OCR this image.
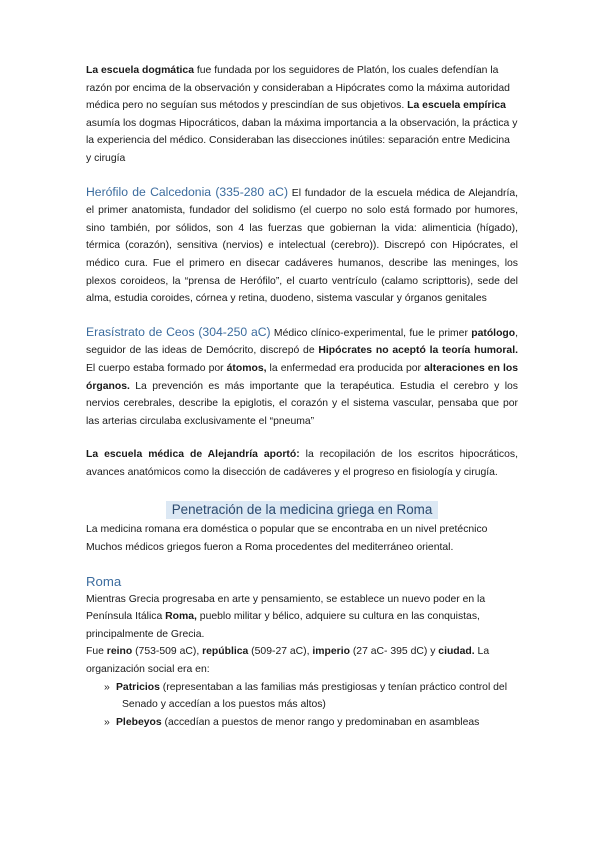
La escuela dogmática fue fundada por los seguidores de Platón, los cuales defendían la razón por encima de la observación y consideraban a Hipócrates como la máxima autoridad médica pero no seguían sus métodos y prescindían de sus objetivos. La escuela empírica asumía los dogmas Hipocráticos, daban la máxima importancia a la observación, la práctica y la experiencia del médico. Consideraban las disecciones inútiles: separación entre Medicina y cirugía

Herófilo de Calcedonia (335-280 aC) El fundador de la escuela médica de Alejandría, el primer anatomista, fundador del solidismo (el cuerpo no solo está formado por humores, sino también, por sólidos, son 4 las fuerzas que gobiernan la vida: alimenticia (hígado), térmica (corazón), sensitiva (nervios) e intelectual (cerebro)). Discrepó con Hipócrates, el médico cura. Fue el primero en disecar cadáveres humanos, describe las meninges, los plexos coroideos, la “prensa de Herófilo”, el cuarto ventrículo (calamo scripttoris), sede del alma, estudia coroides, córnea y retina, duodeno, sistema vascular y órganos genitales

Erasístrato de Ceos (304-250 aC) Médico clínico-experimental, fue le primer patólogo, seguidor de las ideas de Demócrito, discrepó de Hipócrates no aceptó la teoría humoral. El cuerpo estaba formado por átomos, la enfermedad era producida por alteraciones en los órganos. La prevención es más importante que la terapéutica. Estudia el cerebro y los nervios cerebrales, describe la epiglotis, el corazón y el sistema vascular, pensaba que por las arterias circulaba exclusivamente el “pneuma”

La escuela médica de Alejandría aportó: la recopilación de los escritos hipocráticos, avances anatómicos como la disección de cadáveres y el progreso en fisiología y cirugía.

Penetración de la medicina griega en Roma

La medicina romana era doméstica o popular que se encontraba en un nivel pretécnico

Muchos médicos griegos fueron a Roma procedentes del mediterráneo oriental.

Roma

Mientras Grecia progresaba en arte y pensamiento, se establece un nuevo poder en la Península Itálica Roma, pueblo militar y bélico, adquiere su cultura en las conquistas, principalmente de Grecia.

Fue reino (753-509 aC), república (509-27 aC), imperio (27 aC- 395 dC) y ciudad. La organización social era en:

» Patricios (representaban a las familias más prestigiosas y tenían práctico control del Senado y accedían a los puestos más altos)
» Plebeyos (accedían a puestos de menor rango y predominaban en asambleas
